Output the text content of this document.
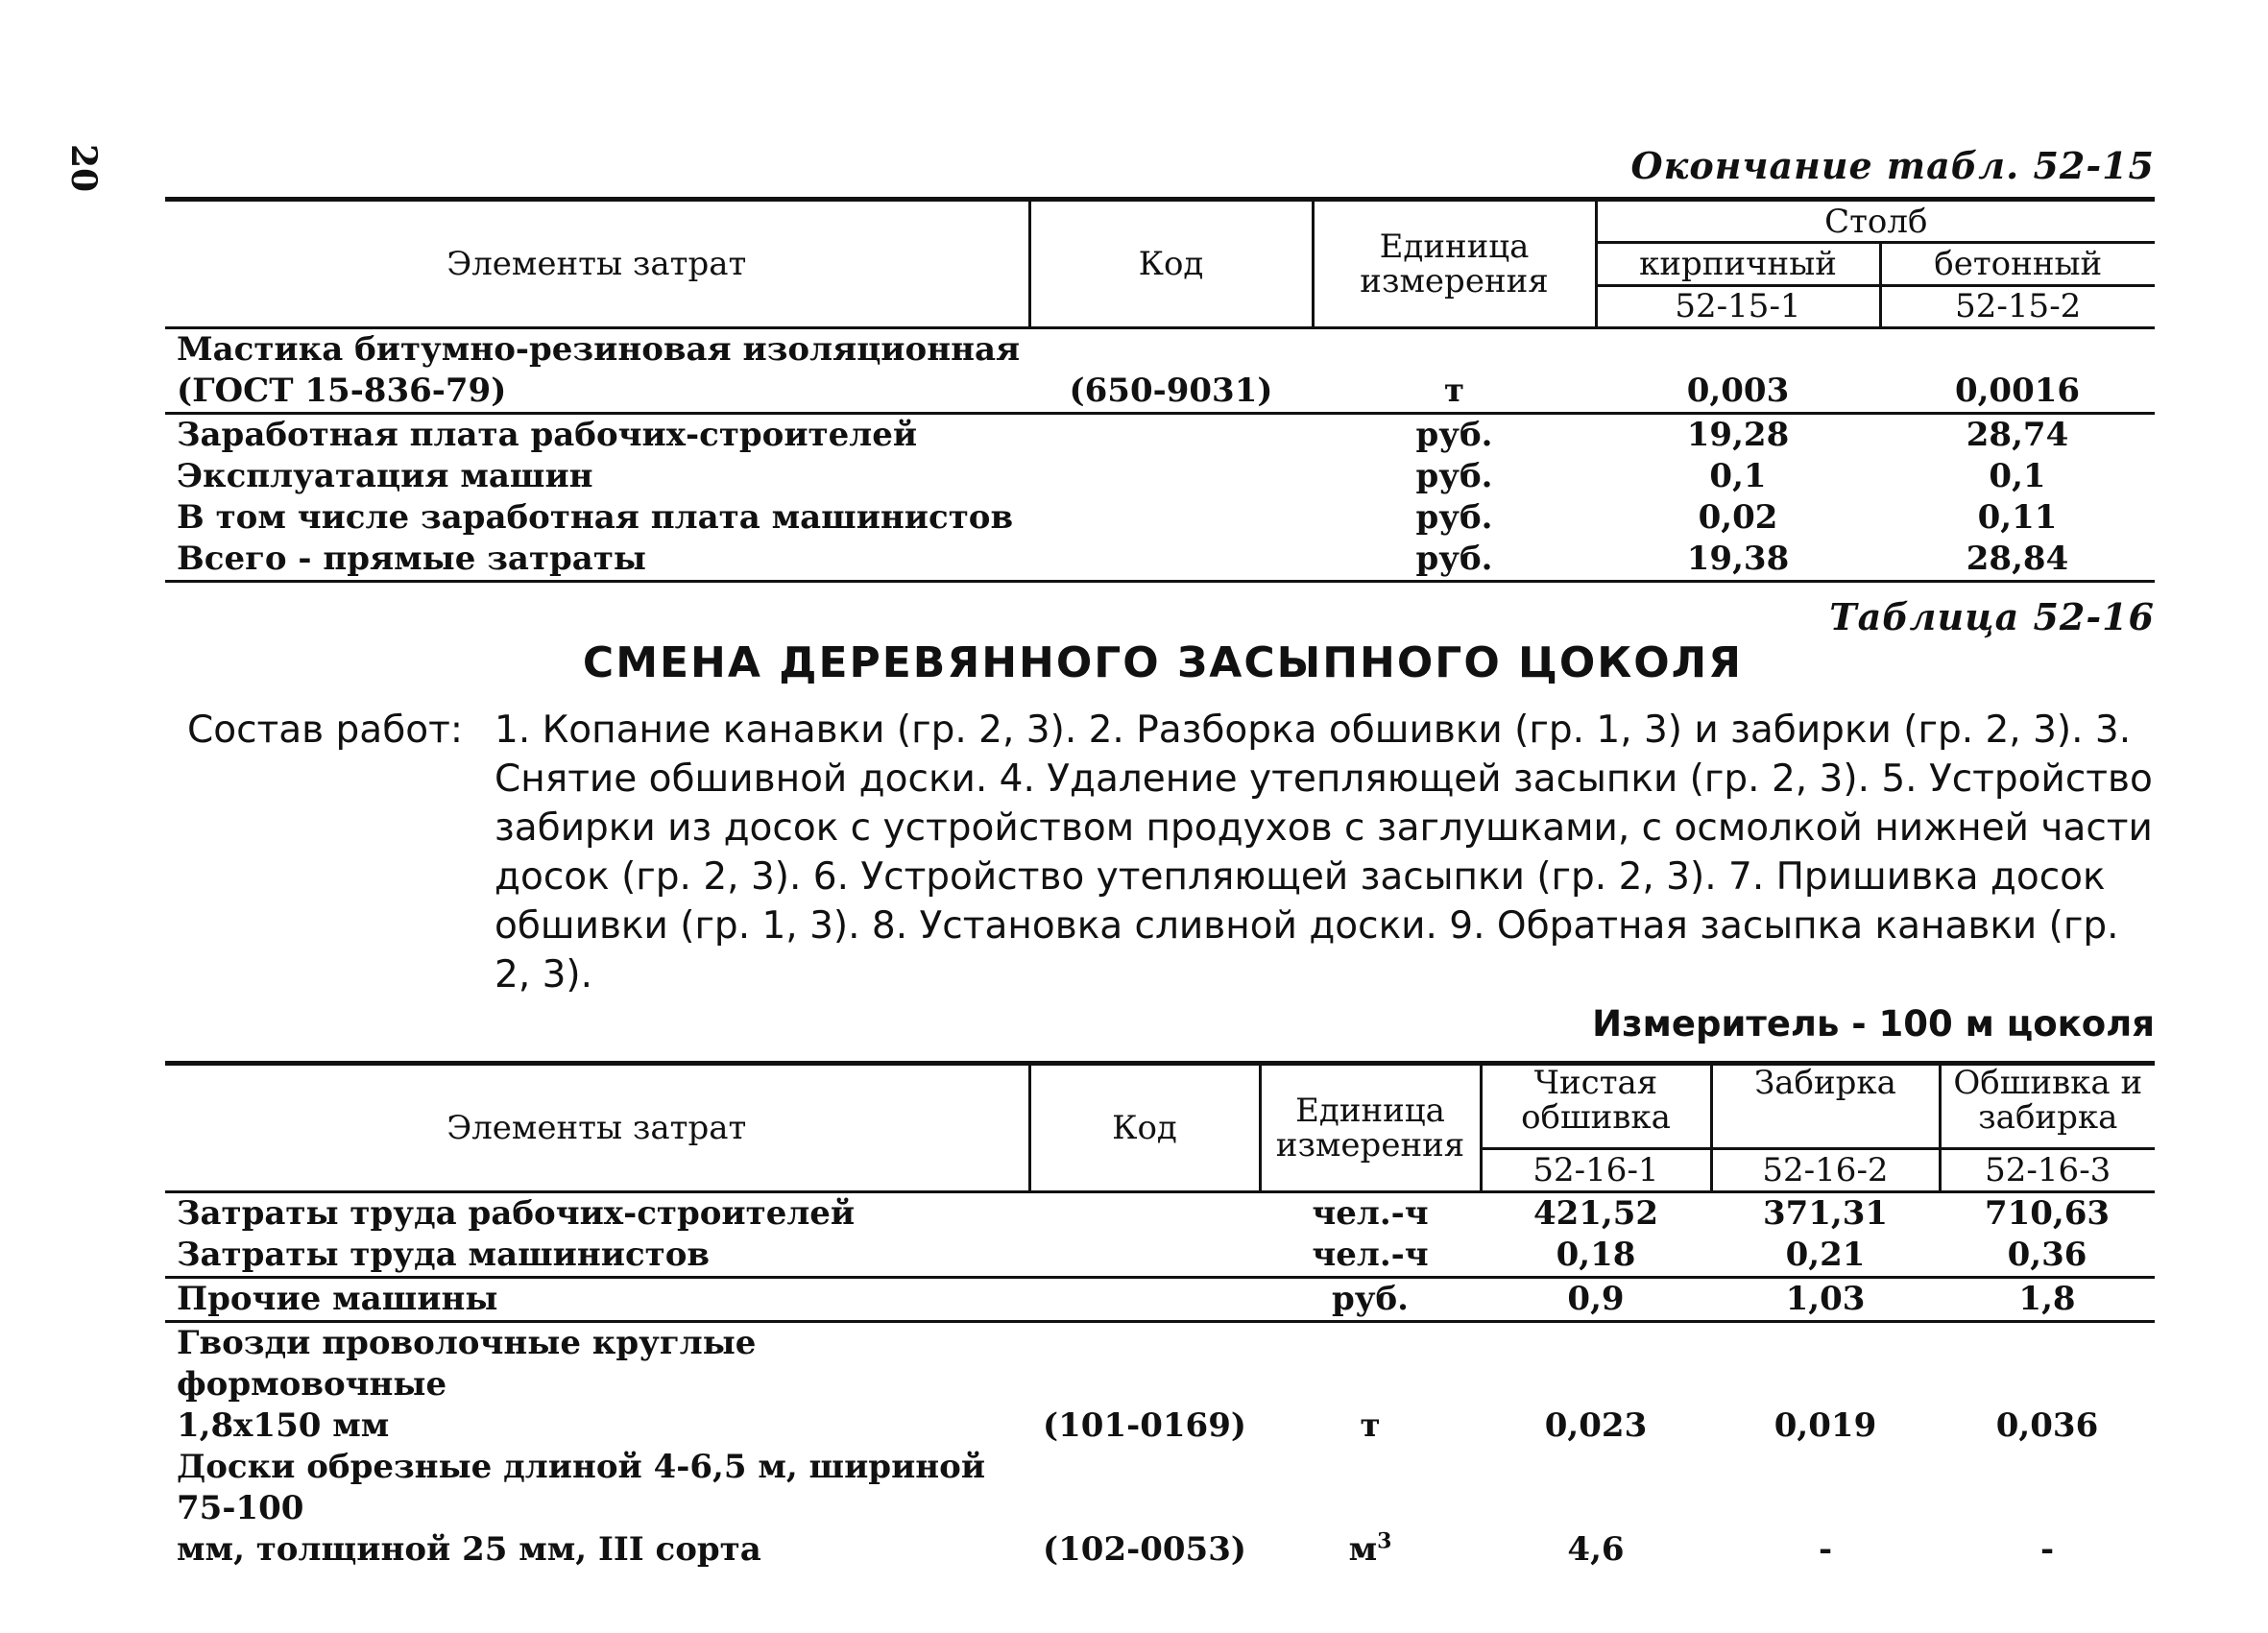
20	Окончание табл. 52-15
Элементы затрат	Код	Единица измерения	Столб	
			кирпичный	бетонный
			52-15-1	52-15-2

Мастика битумно-резиновая изоляционная
(ГОСТ 15-836-79)	(650-9031)	т	0,003	0,0016
Заработная плата рабочих-строителей		руб.	19,28	28,74
Эксплуатация машин		руб.	0,1	0,1
В том числе заработная плата машинистов		руб.	0,02	0,11
Всего - прямые затраты		руб.	19,38	28,84
Таблица 52-16
СМЕНА ДЕРЕВЯННОГО ЗАСЫПНОГО ЦОКОЛЯ
Состав работ: 1. Копание канавки (гр. 2, 3). 2. Разборка обшивки (гр. 1, 3) и забирки (гр. 2, 3). 3. Снятие обшивной доски. 4. Удаление утепляющей засыпки (гр. 2, 3). 5. Устройство забирки из досок с устройством продухов с заглушками, с осмолкой нижней части досок (гр. 2, 3). 6. Устройство утепляющей засыпки (гр. 2, 3). 7. Пришивка досок обшивки (гр. 1, 3). 8. Установка сливной доски. 9. Обратная засыпка канавки (гр. 2, 3).
Измеритель - 100 м цоколя
Элементы затрат	Код	Единица измерения	Чистая обшивка	Забирка	Обшивка и забирка
			52-16-1	52-16-2	52-16-3
Затраты труда рабочих-строителей		чел.-ч	421,52	371,31	710,63
Затраты труда машинистов		чел.-ч	0,18	0,21	0,36
Прочие машины		руб.	0,9	1,03	1,8

Гвозди проволочные круглые формовочные
1,8х150 мм	(101-0169)	т	0,023	0,019	0,036

Доски обрезные длиной 4-6,5 м, шириной 75-100
мм, толщиной 25 мм, III сорта	(102-0053)	$м^3$	4,6	-	-
